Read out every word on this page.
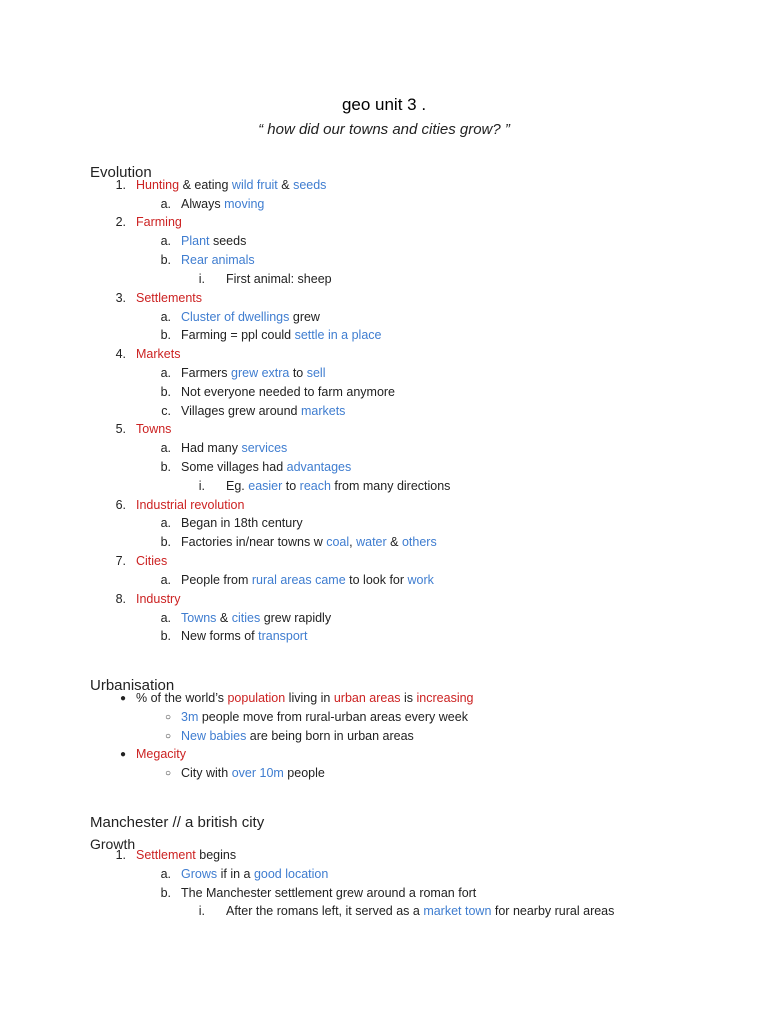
geo unit 3 .
“ how did our towns and cities grow? ”
Evolution
Urbanisation
Manchester // a british city
Growth
1. Hunting & eating wild fruit & seeds
a. Always moving
2. Farming
a. Plant seeds
b. Rear animals
i. First animal: sheep
3. Settlements
a. Cluster of dwellings grew
b. Farming = ppl could settle in a place
4. Markets
a. Farmers grew extra to sell
b. Not everyone needed to farm anymore
c. Villages grew around markets
5. Towns
a. Had many services
b. Some villages had advantages
i. Eg. easier to reach from many directions
6. Industrial revolution
a. Began in 18th century
b. Factories in/near towns w coal, water & others
7. Cities
a. People from rural areas came to look for work
8. Industry
a. Towns & cities grew rapidly
b. New forms of transport
● % of the world’s population living in urban areas is increasing
○ 3m people move from rural-urban areas every week
○ New babies are being born in urban areas
● Megacity
○ City with over 10m people
1. Settlement begins
a. Grows if in a good location
b. The Manchester settlement grew around a roman fort
i. After the romans left, it served as a market town for nearby rural areas
